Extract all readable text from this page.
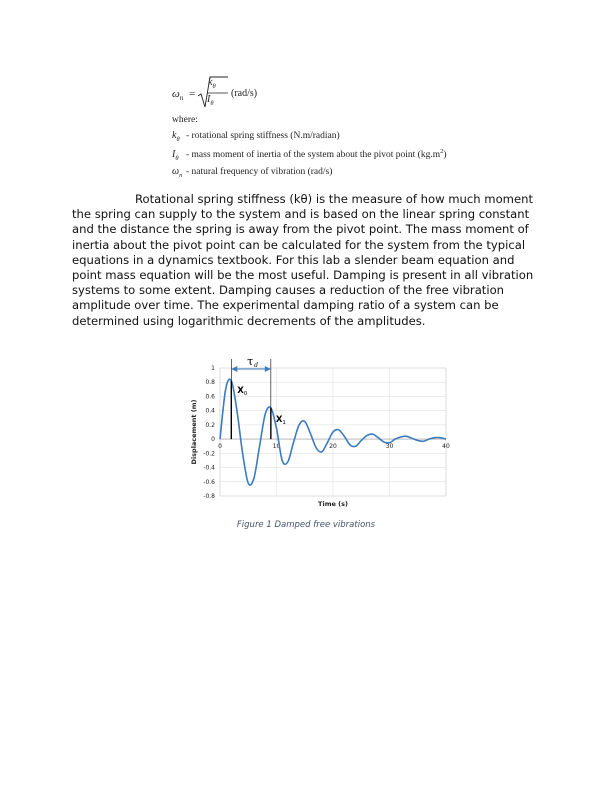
$\omega_n$ =
$k_\theta$
$I_\theta$
(rad/s)
where:
$k_\theta$ - rotational spring stiffness (N.m/radian)
$I_\theta$ - mass moment of inertia of the system about the pivot point $(kg.m^2)$
$\omega_n$ - natural frequency of vibration (rad/s)

Rotational spring stiffness (kθ) is the measure of how much moment the spring can supply to the system and is based on the linear spring constant and the distance the spring is away from the pivot point. The mass moment of inertia about the pivot point can be calculated for the system from the typical equations in a dynamics textbook. For this lab a slender beam equation and point mass equation will be the most useful. Damping is present in all vibration systems to some extent. Damping causes a reduction of the free vibration amplitude over time. The experimental damping ratio of a system can be determined using logarithmic decrements of the amplitudes.

1
0.8
0.6
0.4
0.2
0
-0.2
-0.4
-0.6
-0.8
0	10	20	30	40
Time (s)
Displacement (m)
τ d
X 0
X 1
Figure 1 Damped free vibrations
